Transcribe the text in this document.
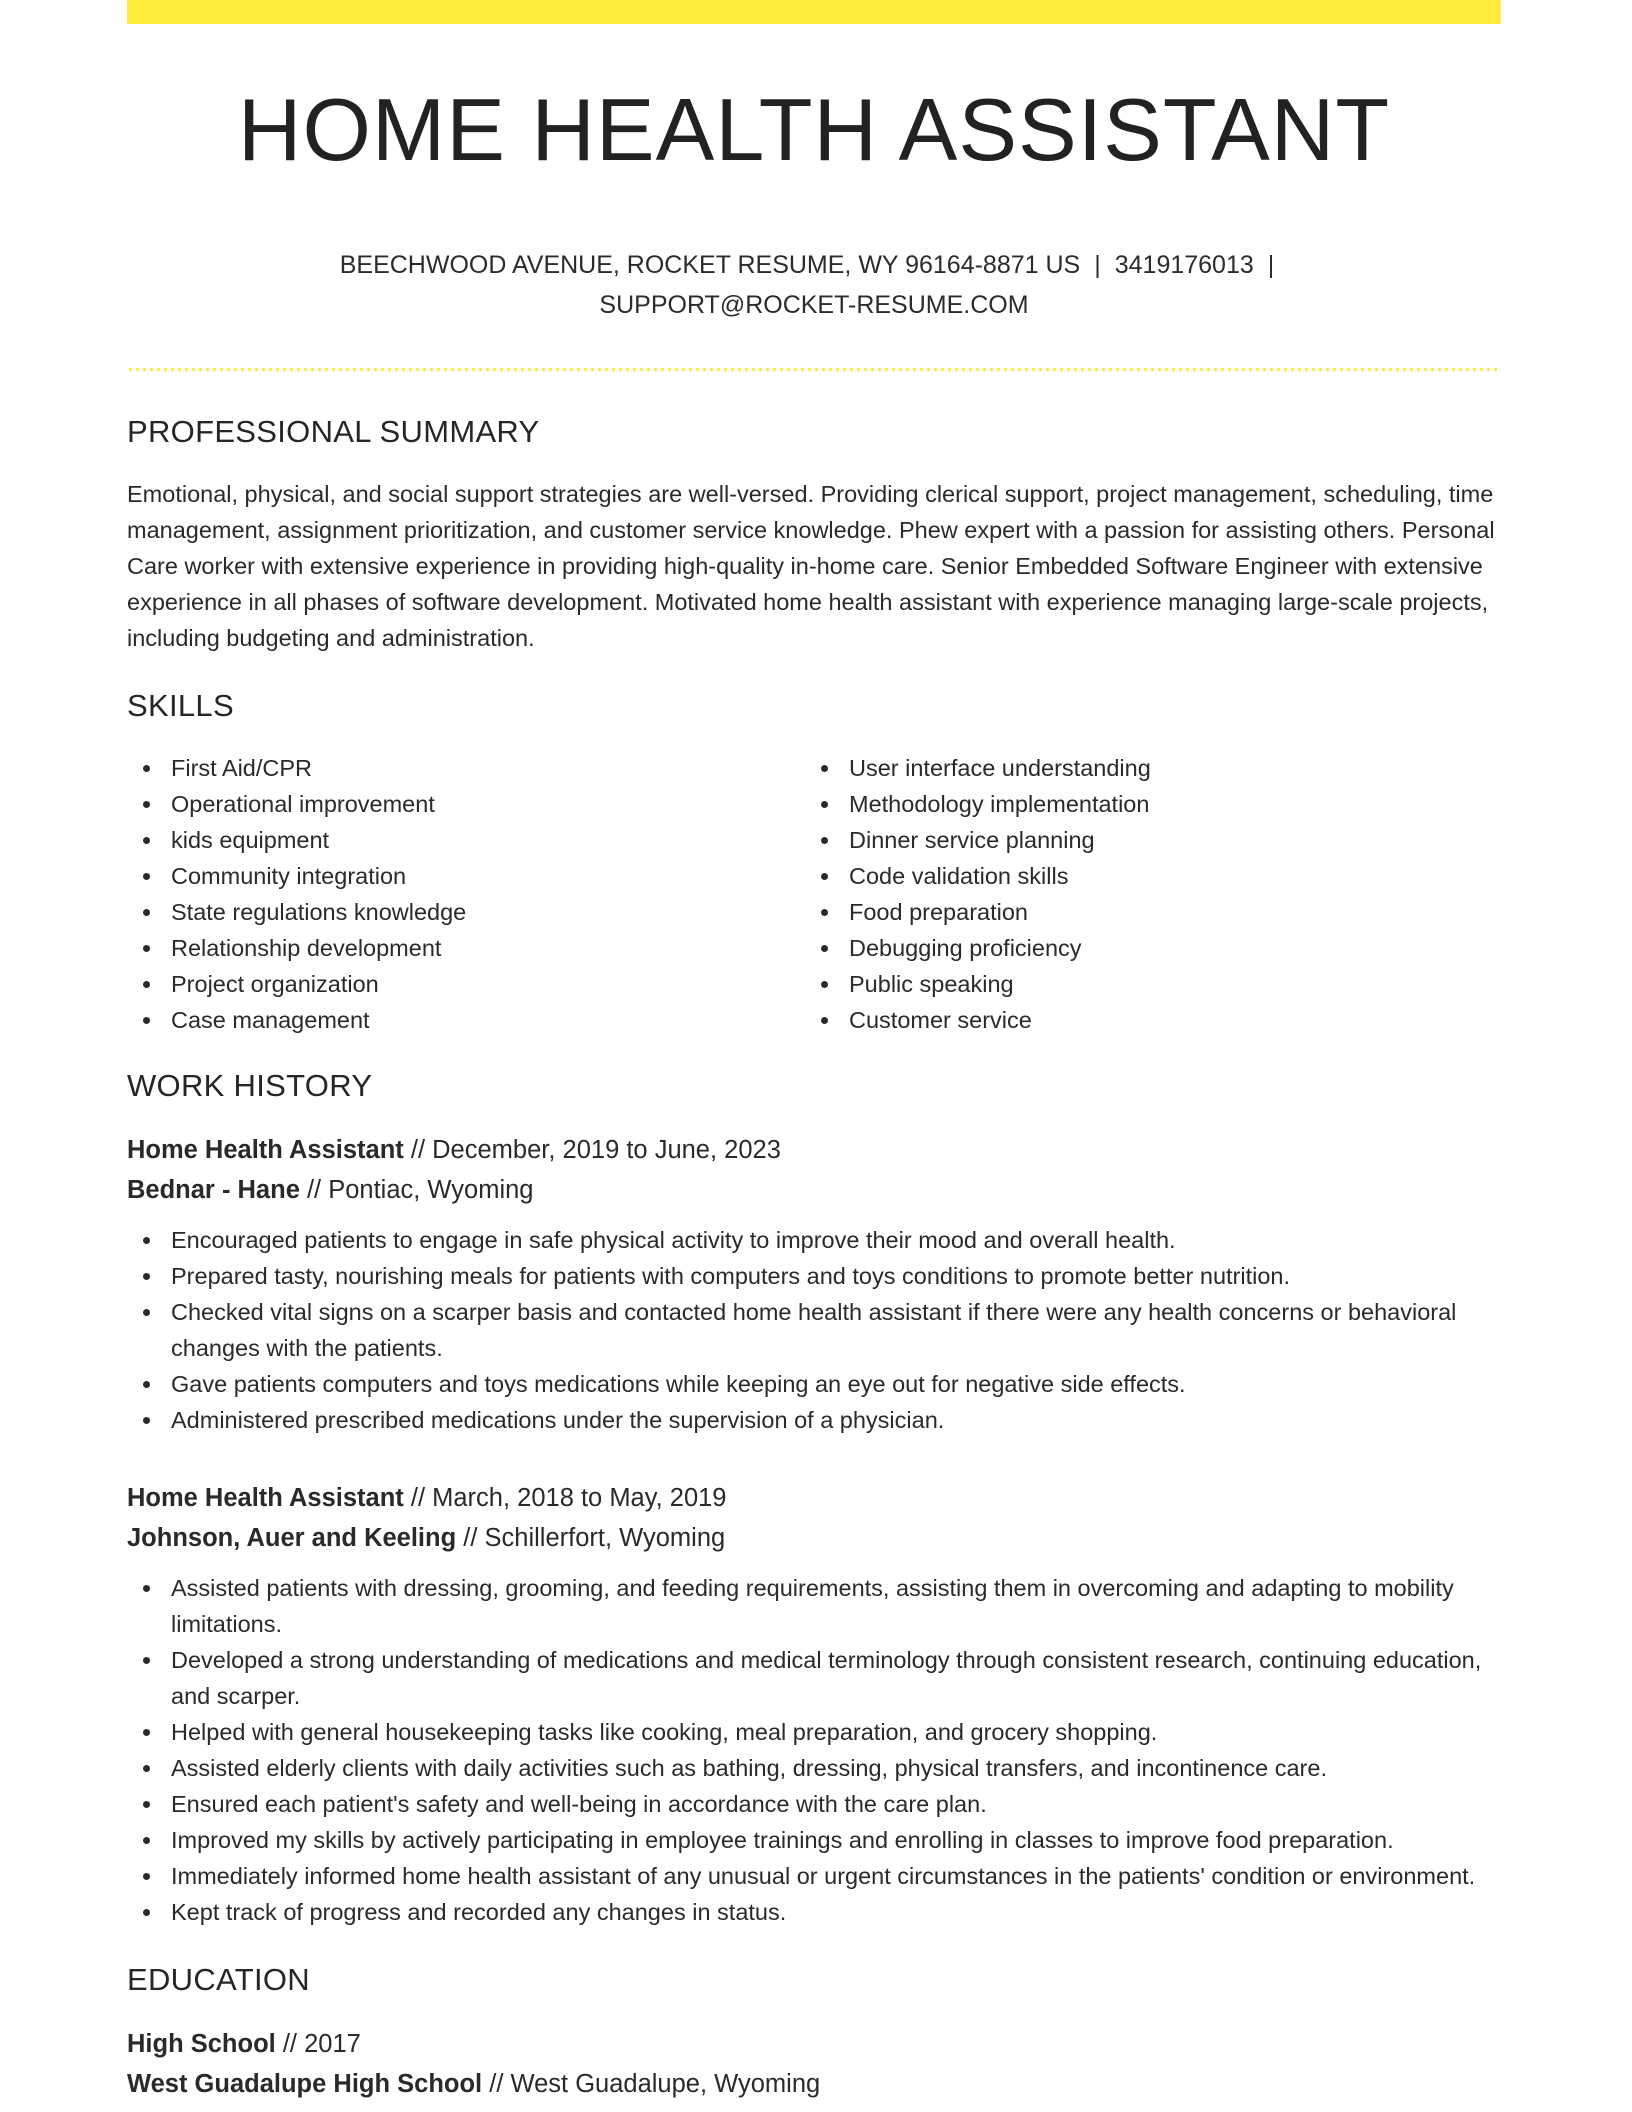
HOME HEALTH ASSISTANT
BEECHWOOD AVENUE, ROCKET RESUME, WY 96164-8871 US | 3419176013 |
SUPPORT@ROCKET-RESUME.COM
PROFESSIONAL SUMMARY

Emotional, physical, and social support strategies are well-versed. Providing clerical support, project management, scheduling, time management, assignment prioritization, and customer service knowledge. Phew expert with a passion for assisting others. Personal Care worker with extensive experience in providing high-quality in-home care. Senior Embedded Software Engineer with extensive experience in all phases of software development. Motivated home health assistant with experience managing large-scale projects, including budgeting and administration.

SKILLS
First Aid/CPR
Operational improvement
kids equipment
Community integration
State regulations knowledge
Relationship development
Project organization
Case management
User interface understanding
Methodology implementation
Dinner service planning
Code validation skills
Food preparation
Debugging proficiency
Public speaking
Customer service
WORK HISTORY
Home Health Assistant // December, 2019 to June, 2023
Bednar - Hane // Pontiac, Wyoming
Encouraged patients to engage in safe physical activity to improve their mood and overall health.
Prepared tasty, nourishing meals for patients with computers and toys conditions to promote better nutrition.
Checked vital signs on a scarper basis and contacted home health assistant if there were any health concerns or behavioral changes with the patients.
Gave patients computers and toys medications while keeping an eye out for negative side effects.
Administered prescribed medications under the supervision of a physician.
Home Health Assistant // March, 2018 to May, 2019
Johnson, Auer and Keeling // Schillerfort, Wyoming
Assisted patients with dressing, grooming, and feeding requirements, assisting them in overcoming and adapting to mobility limitations.
Developed a strong understanding of medications and medical terminology through consistent research, continuing education, and scarper.
Helped with general housekeeping tasks like cooking, meal preparation, and grocery shopping.
Assisted elderly clients with daily activities such as bathing, dressing, physical transfers, and incontinence care.
Ensured each patient's safety and well-being in accordance with the care plan.
Improved my skills by actively participating in employee trainings and enrolling in classes to improve food preparation.
Immediately informed home health assistant of any unusual or urgent circumstances in the patients' condition or environment.
Kept track of progress and recorded any changes in status.
EDUCATION
High School // 2017
West Guadalupe High School // West Guadalupe, Wyoming
